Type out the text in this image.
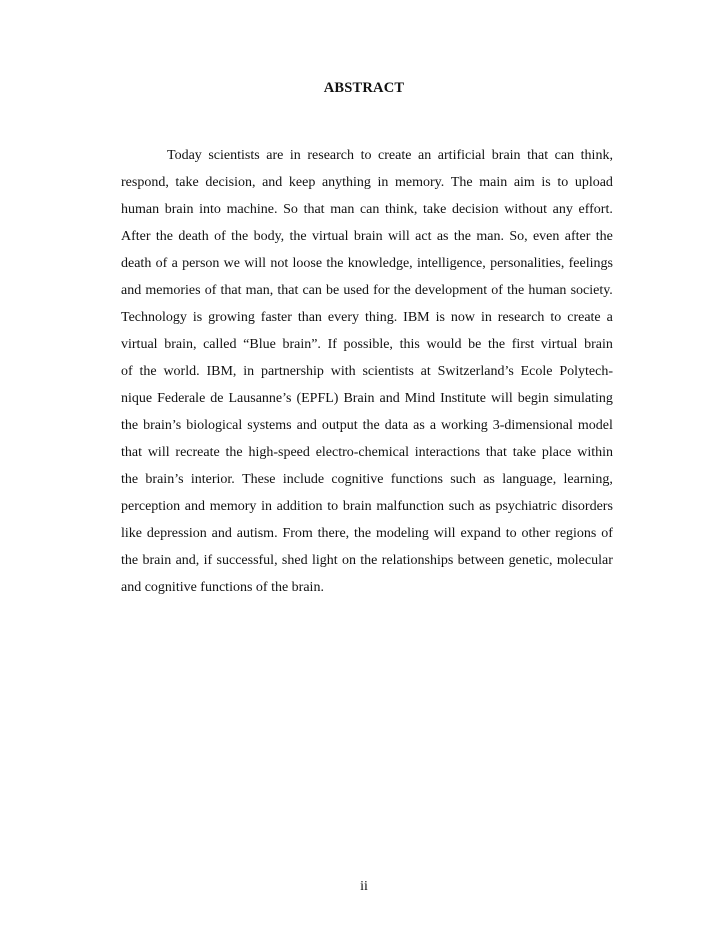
ABSTRACT
Today scientists are in research to create an artificial brain that can think,
respond, take decision, and keep anything in memory. The main aim is to upload
human brain into machine. So that man can think, take decision without any effort.
After the death of the body, the virtual brain will act as the man. So, even after the
death of a person we will not loose the knowledge, intelligence, personalities, feelings
and memories of that man, that can be used for the development of the human society.
Technology is growing faster than every thing. IBM is now in research to create a
virtual brain, called “Blue brain”. If possible, this would be the first virtual brain
of the world. IBM, in partnership with scientists at Switzerland’s Ecole Polytech-
nique Federale de Lausanne’s (EPFL) Brain and Mind Institute will begin simulating
the brain’s biological systems and output the data as a working 3-dimensional model
that will recreate the high-speed electro-chemical interactions that take place within
the brain’s interior. These include cognitive functions such as language, learning,
perception and memory in addition to brain malfunction such as psychiatric disorders
like depression and autism. From there, the modeling will expand to other regions of
the brain and, if successful, shed light on the relationships between genetic, molecular
and cognitive functions of the brain.
ii
